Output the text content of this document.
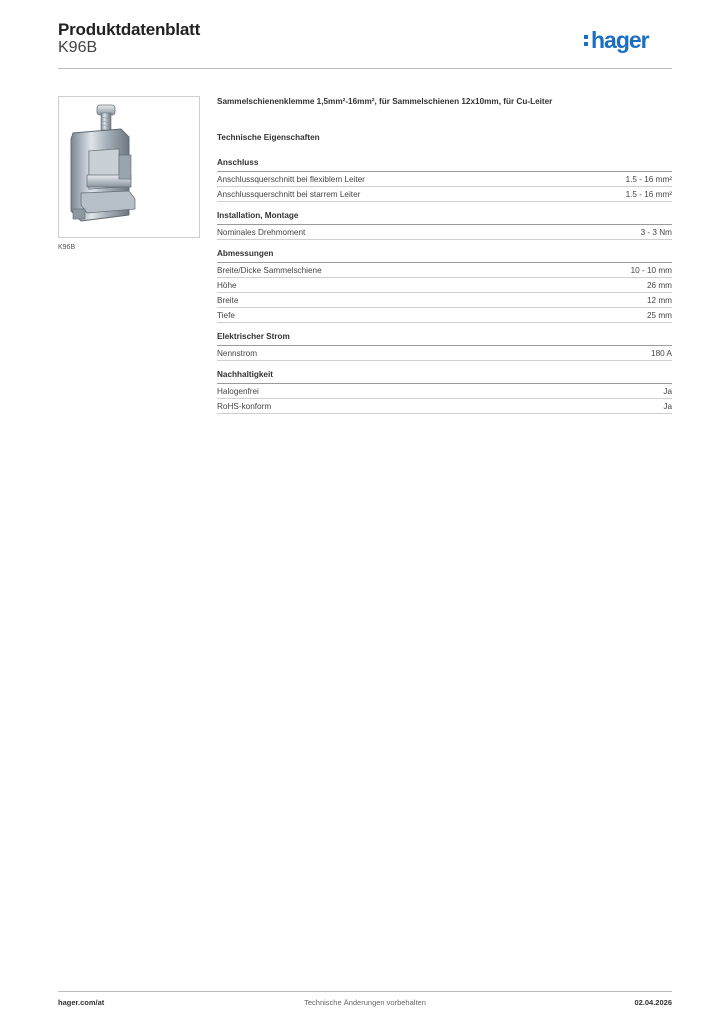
Produktdatenblatt
K96B	hager
K96B
Sammelschienenklemme 1,5mm²-16mm², für Sammelschienen 12x10mm, für Cu-Leiter
Technische Eigenschaften
Anschluss
Anschlussquerschnitt bei flexiblem Leiter	1.5 - 16 mm²
Anschlussquerschnitt bei starrem Leiter	1.5 - 16 mm²
Installation, Montage
Nominales Drehmoment	3 - 3 Nm
Abmessungen
Breite/Dicke Sammelschiene	10 - 10 mm
Höhe	26 mm
Breite	12 mm
Tiefe	25 mm
Elektrischer Strom
Nennstrom	180 A
Nachhaltigkeit
Halogenfrei	Ja
RoHS-konform	Ja
hager.com/at	Technische Änderungen vorbehalten	02.04.2026
